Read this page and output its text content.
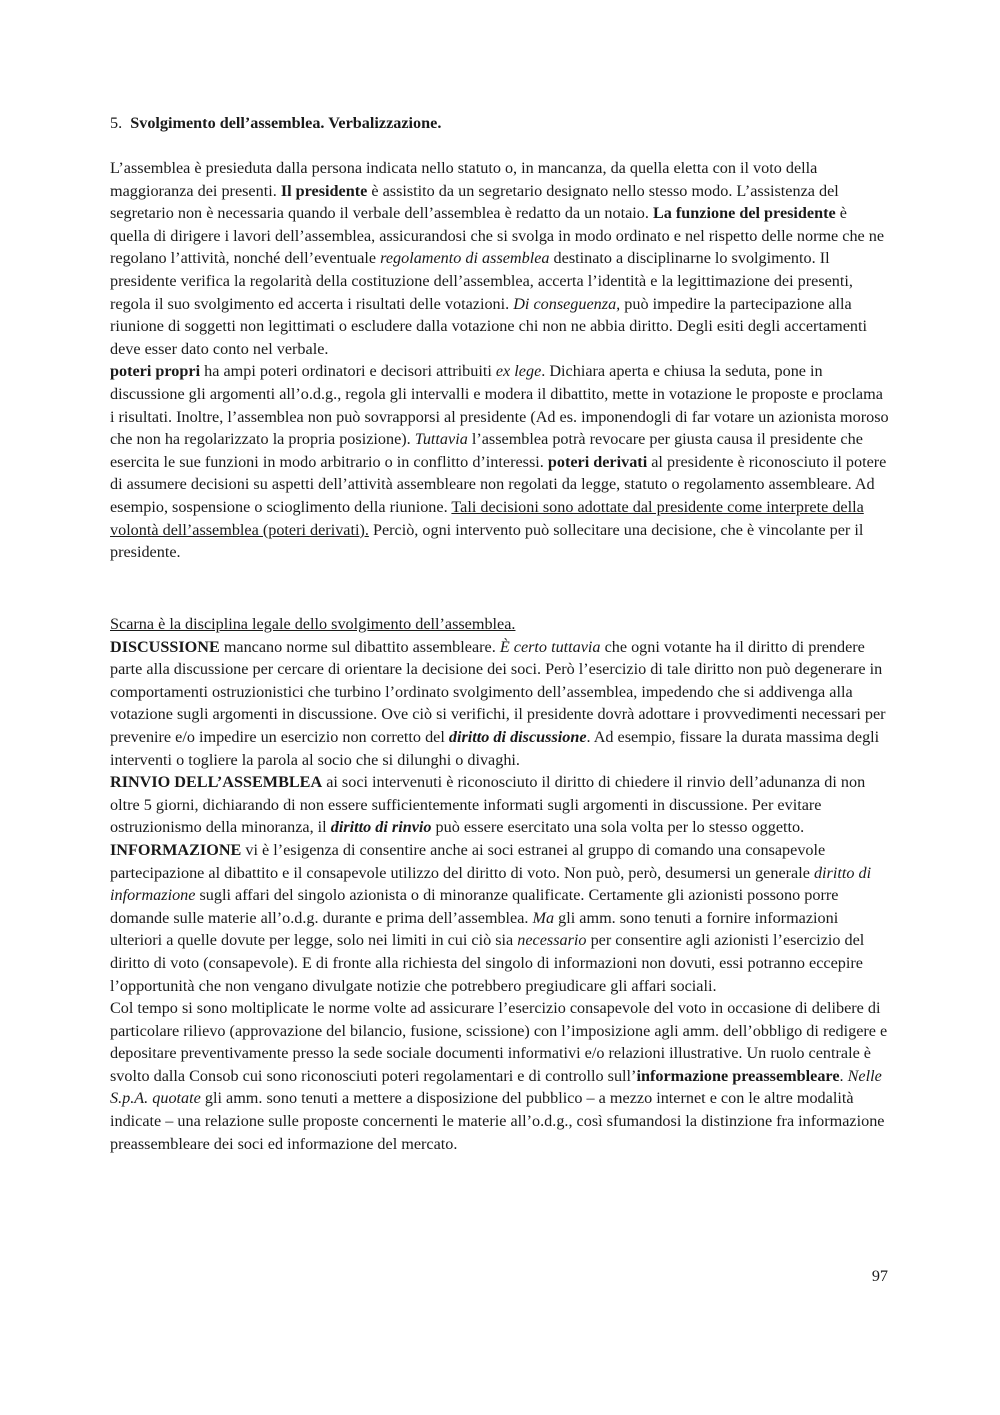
5. Svolgimento dell’assemblea. Verbalizzazione.

L’assemblea è presieduta dalla persona indicata nello statuto o, in mancanza, da quella eletta con il voto della maggioranza dei presenti. Il presidente è assistito da un segretario designato nello stesso modo. L’assistenza del segretario non è necessaria quando il verbale dell’assemblea è redatto da un notaio. La funzione del presidente è quella di dirigere i lavori dell’assemblea, assicurandosi che si svolga in modo ordinato e nel rispetto delle norme che ne regolano l’attività, nonché dell’eventuale regolamento di assemblea destinato a disciplinarne lo svolgimento. Il presidente verifica la regolarità della costituzione dell’assemblea, accerta l’identità e la legittimazione dei presenti, regola il suo svolgimento ed accerta i risultati delle votazioni. Di conseguenza, può impedire la partecipazione alla riunione di soggetti non legittimati o escludere dalla votazione chi non ne abbia diritto. Degli esiti degli accertamenti deve esser dato conto nel verbale.

poteri propri ha ampi poteri ordinatori e decisori attribuiti ex lege. Dichiara aperta e chiusa la seduta, pone in discussione gli argomenti all’o.d.g., regola gli intervalli e modera il dibattito, mette in votazione le proposte e proclama i risultati. Inoltre, l’assemblea non può sovrapporsi al presidente (Ad es. imponendogli di far votare un azionista moroso che non ha regolarizzato la propria posizione). Tuttavia l’assemblea potrà revocare per giusta causa il presidente che esercita le sue funzioni in modo arbitrario o in conflitto d’interessi. poteri derivati al presidente è riconosciuto il potere di assumere decisioni su aspetti dell’attività assembleare non regolati da legge, statuto o regolamento assembleare. Ad esempio, sospensione o scioglimento della riunione. Tali decisioni sono adottate dal presidente come interprete della volontà dell’assemblea (poteri derivati). Perciò, ogni intervento può sollecitare una decisione, che è vincolante per il presidente.

Scarna è la disciplina legale dello svolgimento dell’assemblea.

DISCUSSIONE mancano norme sul dibattito assembleare. È certo tuttavia che ogni votante ha il diritto di prendere parte alla discussione per cercare di orientare la decisione dei soci. Però l’esercizio di tale diritto non può degenerare in comportamenti ostruzionistici che turbino l’ordinato svolgimento dell’assemblea, impedendo che si addivenga alla votazione sugli argomenti in discussione. Ove ciò si verifichi, il presidente dovrà adottare i provvedimenti necessari per prevenire e/o impedire un esercizio non corretto del diritto di discussione. Ad esempio, fissare la durata massima degli interventi o togliere la parola al socio che si dilunghi o divaghi.

RINVIO DELL’ASSEMBLEA ai soci intervenuti è riconosciuto il diritto di chiedere il rinvio dell’adunanza di non oltre 5 giorni, dichiarando di non essere sufficientemente informati sugli argomenti in discussione. Per evitare ostruzionismo della minoranza, il diritto di rinvio può essere esercitato una sola volta per lo stesso oggetto.

INFORMAZIONE vi è l’esigenza di consentire anche ai soci estranei al gruppo di comando una consapevole partecipazione al dibattito e il consapevole utilizzo del diritto di voto. Non può, però, desumersi un generale diritto di informazione sugli affari del singolo azionista o di minoranze qualificate. Certamente gli azionisti possono porre domande sulle materie all’o.d.g. durante e prima dell’assemblea. Ma gli amm. sono tenuti a fornire informazioni ulteriori a quelle dovute per legge, solo nei limiti in cui ciò sia necessario per consentire agli azionisti l’esercizio del diritto di voto (consapevole). E di fronte alla richiesta del singolo di informazioni non dovuti, essi potranno eccepire l’opportunità che non vengano divulgate notizie che potrebbero pregiudicare gli affari sociali.

Col tempo si sono moltiplicate le norme volte ad assicurare l’esercizio consapevole del voto in occasione di delibere di particolare rilievo (approvazione del bilancio, fusione, scissione) con l’imposizione agli amm. dell’obbligo di redigere e depositare preventivamente presso la sede sociale documenti informativi e/o relazioni illustrative. Un ruolo centrale è svolto dalla Consob cui sono riconosciuti poteri regolamentari e di controllo sull’informazione preassembleare. Nelle S.p.A. quotate gli amm. sono tenuti a mettere a disposizione del pubblico – a mezzo internet e con le altre modalità indicate – una relazione sulle proposte concernenti le materie all’o.d.g., così sfumandosi la distinzione fra informazione preassembleare dei soci ed informazione del mercato.

97
